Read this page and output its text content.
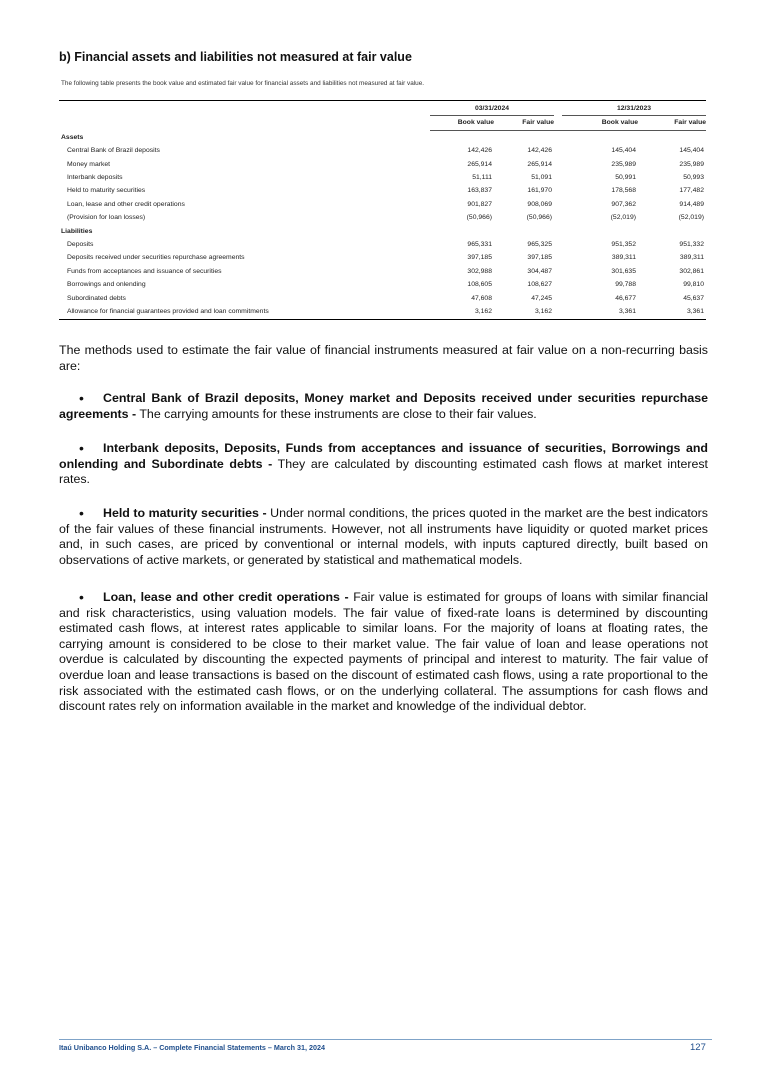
b) Financial assets and liabilities not measured at fair value

The following table presents the book value and estimated fair value for financial assets and liabilities not measured at fair value.

	03/31/2024			12/31/2023	
	Book value	Fair value		Book value	Fair value
Assets					
Central Bank of Brazil deposits	142,426	142,426		145,404	145,404
Money market	265,914	265,914		235,989	235,989
Interbank deposits	51,111	51,091		50,991	50,993
Held to maturity securities	163,837	161,970		178,568	177,482
Loan, lease and other credit operations	901,827	908,069		907,362	914,489
(Provision for loan losses)	(50,966)	(50,966)		(52,019)	(52,019)
Liabilities					
Deposits	965,331	965,325		951,352	951,332
Deposits received under securities repurchase agreements	397,185	397,185		389,311	389,311
Funds from acceptances and issuance of securities	302,988	304,487		301,635	302,861
Borrowings and onlending	108,605	108,627		99,788	99,810
Subordinated debts	47,608	47,245		46,677	45,637
Allowance for financial guarantees provided and loan commitments	3,162	3,162		3,361	3,361

The methods used to estimate the fair value of financial instruments measured at fair value on a non-recurring basis are:

•	Central Bank of Brazil deposits, Money market and Deposits received under securities repurchase agreements - The carrying amounts for these instruments are close to their fair values.

•	Interbank deposits, Deposits, Funds from acceptances and issuance of securities, Borrowings and onlending and Subordinate debts - They are calculated by discounting estimated cash flows at market interest rates.

•	Held to maturity securities - Under normal conditions, the prices quoted in the market are the best indicators of the fair values of these financial instruments. However, not all instruments have liquidity or quoted market prices and, in such cases, are priced by conventional or internal models, with inputs captured directly, built based on observations of active markets, or generated by statistical and mathematical models.

•	Loan, lease and other credit operations - Fair value is estimated for groups of loans with similar financial and risk characteristics, using valuation models. The fair value of fixed-rate loans is determined by discounting estimated cash flows, at interest rates applicable to similar loans. For the majority of loans at floating rates, the carrying amount is considered to be close to their market value. The fair value of loan and lease operations not overdue is calculated by discounting the expected payments of principal and interest to maturity. The fair value of overdue loan and lease transactions is based on the discount of estimated cash flows, using a rate proportional to the risk associated with the estimated cash flows, or on the underlying collateral. The assumptions for cash flows and discount rates rely on information available in the market and knowledge of the individual debtor.

Itaú Unibanco Holding S.A. – Complete Financial Statements – March 31, 2024	127
